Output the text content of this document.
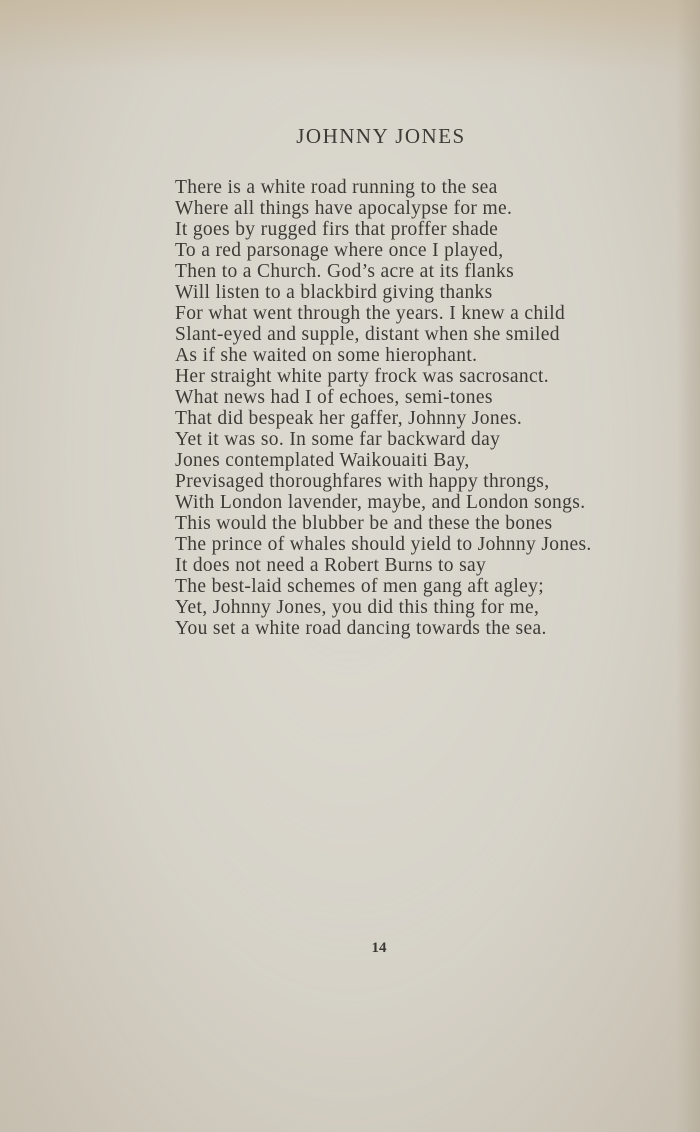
JOHNNY JONES
There is a white road running to the sea
Where all things have apocalypse for me.
It goes by rugged firs that proffer shade
To a red parsonage where once I played,
Then to a Church. God’s acre at its flanks
Will listen to a blackbird giving thanks
For what went through the years. I knew a child
Slant-eyed and supple, distant when she smiled
As if she waited on some hierophant.
Her straight white party frock was sacrosanct.
What news had I of echoes, semi-tones
That did bespeak her gaffer, Johnny Jones.
Yet it was so. In some far backward day
Jones contemplated Waikouaiti Bay,
Previsaged thoroughfares with happy throngs,
With London lavender, maybe, and London songs.
This would the blubber be and these the bones
The prince of whales should yield to Johnny Jones.
It does not need a Robert Burns to say
The best-laid schemes of men gang aft agley;
Yet, Johnny Jones, you did this thing for me,
You set a white road dancing towards the sea.
14
